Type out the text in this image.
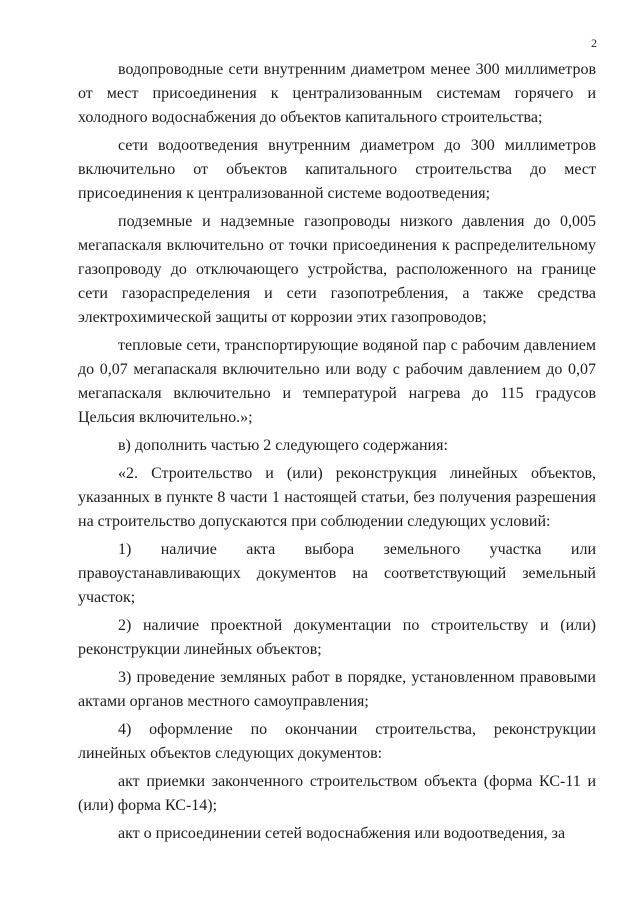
2

водопроводные сети внутренним диаметром менее 300 миллиметров от мест присоединения к централизованным системам горячего и холодного водоснабжения до объектов капитального строительства;

сети водоотведения внутренним диаметром до 300 миллиметров включительно от объектов капитального строительства до мест присоединения к централизованной системе водоотведения;

подземные и надземные газопроводы низкого давления до 0,005 мегапаскаля включительно от точки присоединения к распределительному газопроводу до отключающего устройства, расположенного на границе сети газораспределения и сети газопотребления, а также средства электрохимической защиты от коррозии этих газопроводов;

тепловые сети, транспортирующие водяной пар с рабочим давлением до 0,07 мегапаскаля включительно или воду с рабочим давлением до 0,07 мегапаскаля включительно и температурой нагрева до 115 градусов Цельсия включительно.»;

в) дополнить частью 2 следующего содержания:

«2. Строительство и (или) реконструкция линейных объектов, указанных в пункте 8 части 1 настоящей статьи, без получения разрешения на строительство допускаются при соблюдении следующих условий:

1) наличие акта выбора земельного участка или правоустанавливающих документов на соответствующий земельный участок;

2) наличие проектной документации по строительству и (или) реконструкции линейных объектов;

3) проведение земляных работ в порядке, установленном правовыми актами органов местного самоуправления;

4) оформление по окончании строительства, реконструкции линейных объектов следующих документов:

акт приемки законченного строительством объекта (форма КС-11 и (или) форма КС-14);

акт о присоединении сетей водоснабжения или водоотведения, за
